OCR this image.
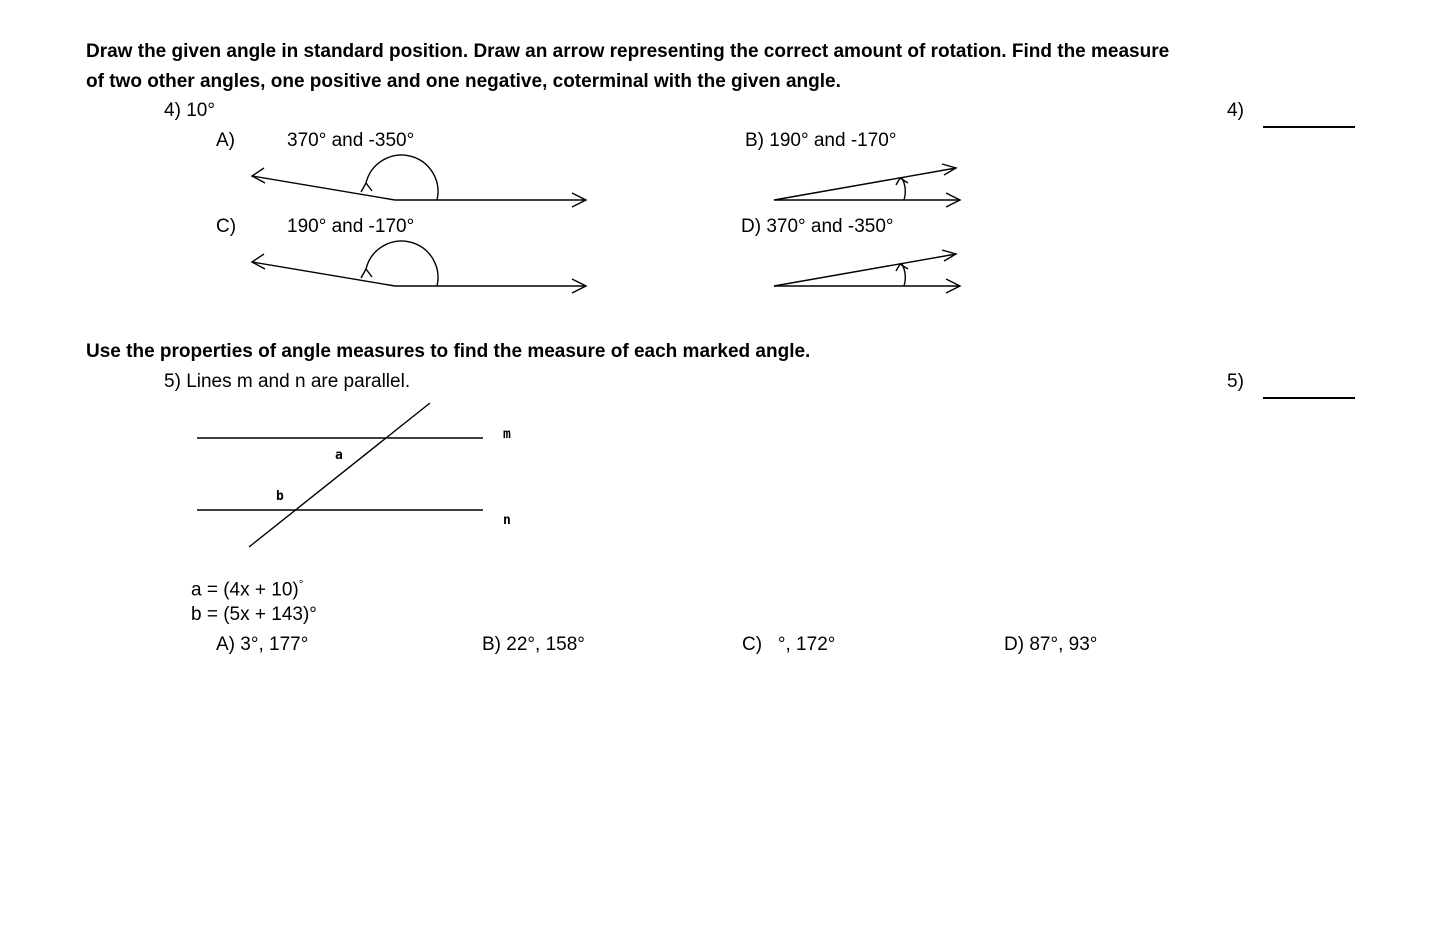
Draw the given angle in standard position. Draw an arrow representing the correct amount of rotation. Find the measure
of two other angles, one positive and one negative, coterminal with the given angle.
4) 10°	4)
A)	370° and -350°	B) 190° and -170°
C)	190° and -170°	D) 370° and -350°
Use the properties of angle measures to find the measure of each marked angle.
5) Lines m and n are parallel.	5)
m
n
a
b
a = (4x + 10)°
b = (5x + 143)°
A) 3°, 177°	B) 22°, 158°	C) °, 172°	D) 87°, 93°
